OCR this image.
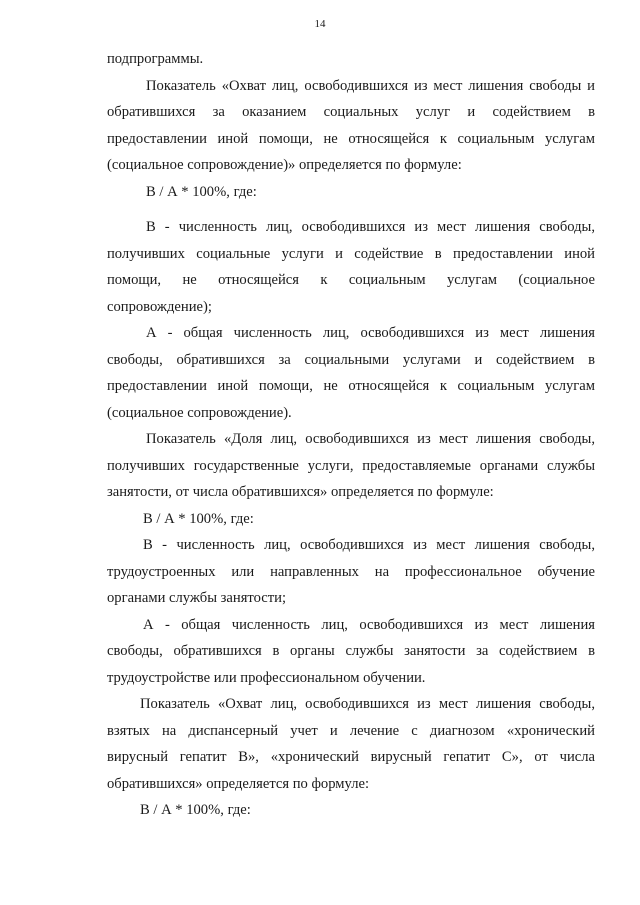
14
подпрограммы.
Показатель «Охват лиц, освободившихся из мест лишения свободы и
обратившихся за оказанием социальных услуг и содействием в
предоставлении иной помощи, не относящейся к социальным услугам
(социальное сопровождение)» определяется по формуле:
В / А * 100%, где:
В - численность лиц, освободившихся из мест лишения свободы,
получивших социальные услуги и содействие в предоставлении иной
помощи, не относящейся к социальным услугам (социальное
сопровождение);
А - общая численность лиц, освободившихся из мест лишения
свободы, обратившихся за социальными услугами и содействием в
предоставлении иной помощи, не относящейся к социальным услугам
(социальное сопровождение).
Показатель «Доля лиц, освободившихся из мест лишения свободы,
получивших государственные услуги, предоставляемые органами службы
занятости, от числа обратившихся» определяется по формуле:
В / А * 100%, где:
В - численность лиц, освободившихся из мест лишения свободы,
трудоустроенных или направленных на профессиональное обучение
органами службы занятости;
А - общая численность лиц, освободившихся из мест лишения
свободы, обратившихся в органы службы занятости за содействием в
трудоустройстве или профессиональном обучении.
Показатель «Охват лиц, освободившихся из мест лишения свободы,
взятых на диспансерный учет и лечение с диагнозом «хронический
вирусный гепатит В», «хронический вирусный гепатит С», от числа
обратившихся» определяется по формуле:
В / А * 100%, где:
